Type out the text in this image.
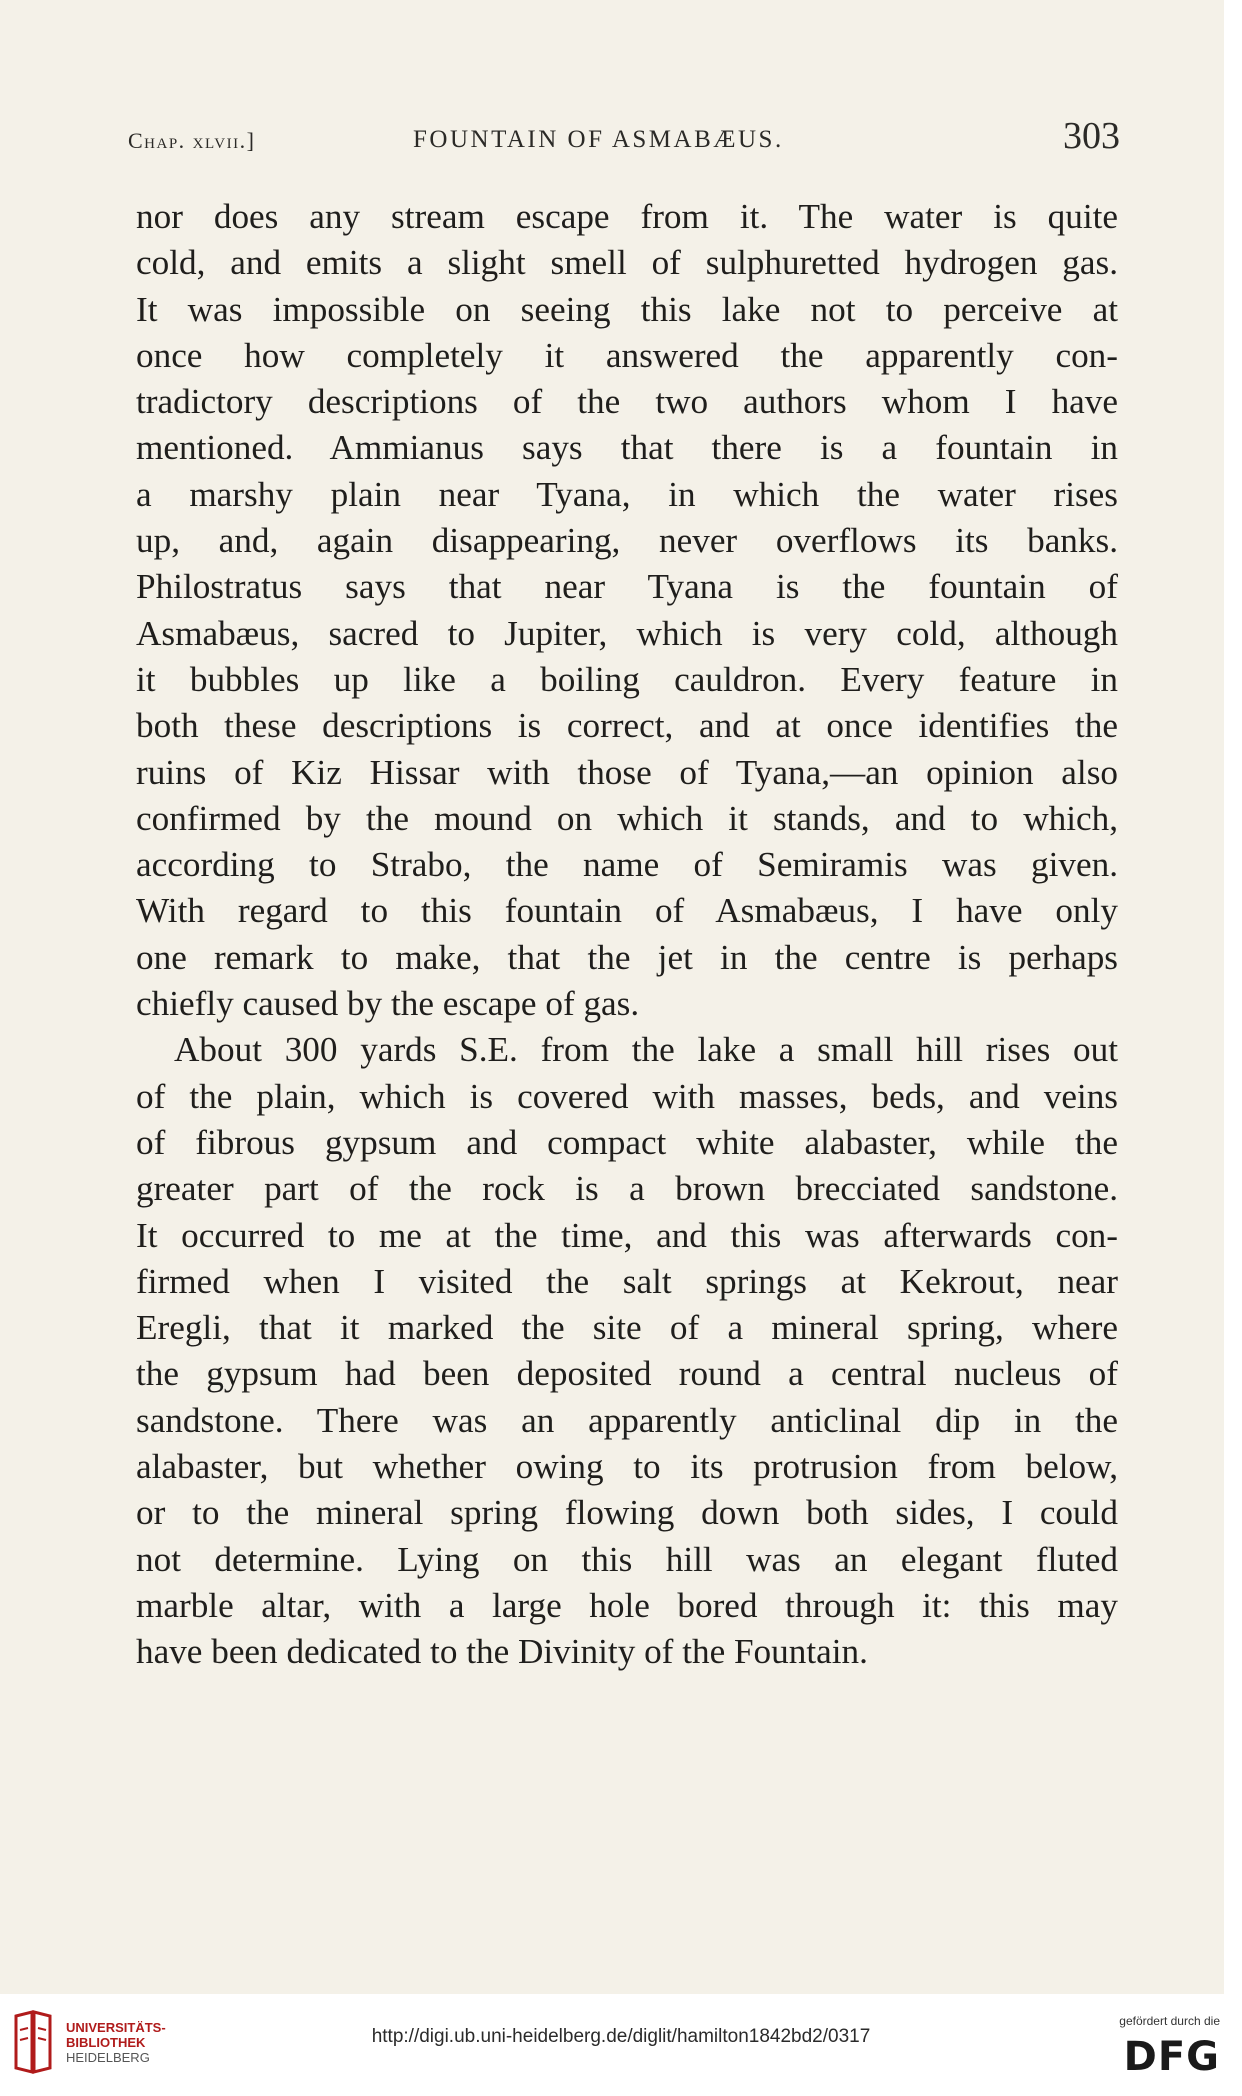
Chap. xlvii.]	FOUNTAIN OF ASMABÆUS.	303
nor does any stream escape from it. The water is quite
cold, and emits a slight smell of sulphuretted hydrogen gas.
It was impossible on seeing this lake not to perceive at
once how completely it answered the apparently con-
tradictory descriptions of the two authors whom I have
mentioned. Ammianus says that there is a fountain in
a marshy plain near Tyana, in which the water rises
up, and, again disappearing, never overflows its banks.
Philostratus says that near Tyana is the fountain of
Asmabæus, sacred to Jupiter, which is very cold, although
it bubbles up like a boiling cauldron. Every feature in
both these descriptions is correct, and at once identifies the
ruins of Kiz Hissar with those of Tyana,—an opinion also
confirmed by the mound on which it stands, and to which,
according to Strabo, the name of Semiramis was given.
With regard to this fountain of Asmabæus, I have only
one remark to make, that the jet in the centre is perhaps
chiefly caused by the escape of gas.
About 300 yards S.E. from the lake a small hill rises out
of the plain, which is covered with masses, beds, and veins
of fibrous gypsum and compact white alabaster, while the
greater part of the rock is a brown brecciated sandstone.
It occurred to me at the time, and this was afterwards con-
firmed when I visited the salt springs at Kekrout, near
Eregli, that it marked the site of a mineral spring, where
the gypsum had been deposited round a central nucleus of
sandstone. There was an apparently anticlinal dip in the
alabaster, but whether owing to its protrusion from below,
or to the mineral spring flowing down both sides, I could
not determine. Lying on this hill was an elegant fluted
marble altar, with a large hole bored through it: this may
have been dedicated to the Divinity of the Fountain.
UNIVERSITÄTS-
BIBLIOTHEK
HEIDELBERG
http://digi.ub.uni-heidelberg.de/diglit/hamilton1842bd2/0317
gefördert durch die
DFG
